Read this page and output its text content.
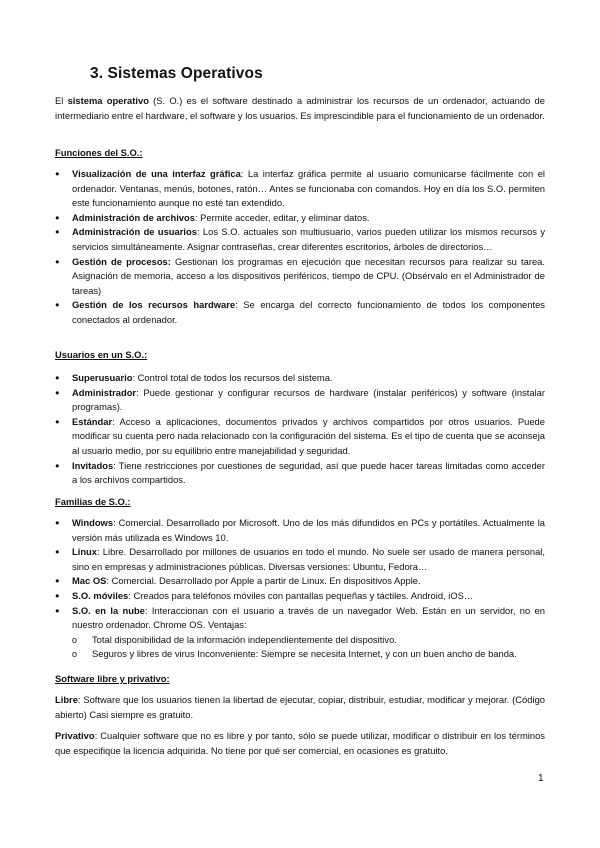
3. Sistemas Operativos
El sistema operativo (S. O.) es el software destinado a administrar los recursos de un ordenador, actuando de intermediario entre el hardware, el software y los usuarios. Es imprescindible para el funcionamiento de un ordenador.
Funciones del S.O.:
● Visualización de una interfaz gráfica: La interfaz gráfica permite al usuario comunicarse fácilmente con el ordenador. Ventanas, menús, botones, ratón… Antes se funcionaba con comandos. Hoy en día los S.O. permiten este funcionamiento aunque no esté tan extendido.
● Administración de archivos: Permite acceder, editar, y eliminar datos.
● Administración de usuarios: Los S.O. actuales son multiusuario, varios pueden utilizar los mismos recursos y servicios simultáneamente. Asignar contraseñas, crear diferentes escritorios, árboles de directorios…
● Gestión de procesos: Gestionan los programas en ejecución que necesitan recursos para realizar su tarea. Asignación de memoria, acceso a los dispositivos periféricos, tiempo de CPU. (Obsérvalo en el Administrador de tareas)
● Gestión de los recursos hardware: Se encarga del correcto funcionamiento de todos los componentes conectados al ordenador.
Usuarios en un S.O.:
● Superusuario: Control total de todos los recursos del sistema.
● Administrador: Puede gestionar y configurar recursos de hardware (instalar periféricos) y software (instalar programas).
● Estándar: Acceso a aplicaciones, documentos privados y archivos compartidos por otros usuarios. Puede modificar su cuenta pero nada relacionado con la configuración del sistema. Es el tipo de cuenta que se aconseja al usuario medio, por su equilibrio entre manejabilidad y seguridad.
● Invitados: Tiene restricciones por cuestiones de seguridad, así que puede hacer tareas limitadas como acceder a los archivos compartidos.
Familias de S.O.:
● Windows: Comercial. Desarrollado por Microsoft. Uno de los más difundidos en PCs y portátiles. Actualmente la versión más utilizada es Windows 10.
● Linux: Libre. Desarrollado por millones de usuarios en todo el mundo. No suele ser usado de manera personal, sino en empresas y administraciones públicas. Diversas versiones: Ubuntu, Fedora…
● Mac OS: Comercial. Desarrollado por Apple a partir de Linux. En dispositivos Apple.
● S.O. móviles: Creados para teléfonos móviles con pantallas pequeñas y táctiles. Android, iOS…
● S.O. en la nube: Interaccionan con el usuario a través de un navegador Web. Están en un servidor, no en nuestro ordenador. Chrome OS. Ventajas:
o Total disponibilidad de la información independientemente del dispositivo.
o Seguros y libres de virus Inconveniente: Siempre se necesita Internet, y con un buen ancho de banda.
Software libre y privativo:
Libre: Software que los usuarios tienen la libertad de ejecutar, copiar, distribuir, estudiar, modificar y mejorar. (Código abierto) Casi siempre es gratuito.
Privativo: Cualquier software que no es libre y por tanto, sólo se puede utilizar, modificar o distribuir en los términos que especifique la licencia adquirida. No tiene por qué ser comercial, en ocasiones es gratuito.
1
